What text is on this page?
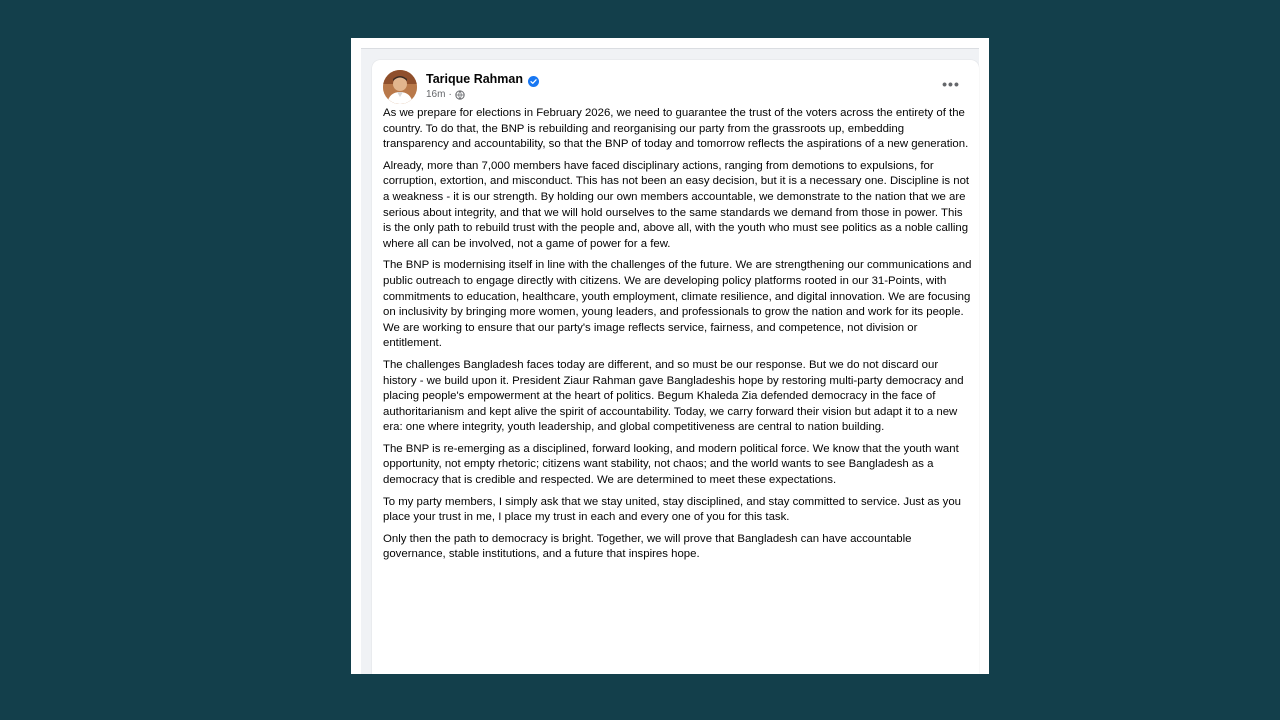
Tarique Rahman
16m ·
•••

As we prepare for elections in February 2026, we need to guarantee the trust of the voters across the entirety of the country. To do that, the BNP is rebuilding and reorganising our party from the grassroots up, embedding transparency and accountability, so that the BNP of today and tomorrow reflects the aspirations of a new generation.

Already, more than 7,000 members have faced disciplinary actions, ranging from demotions to expulsions, for corruption, extortion, and misconduct. This has not been an easy decision, but it is a necessary one. Discipline is not a weakness - it is our strength. By holding our own members accountable, we demonstrate to the nation that we are serious about integrity, and that we will hold ourselves to the same standards we demand from those in power. This is the only path to rebuild trust with the people and, above all, with the youth who must see politics as a noble calling where all can be involved, not a game of power for a few.

The BNP is modernising itself in line with the challenges of the future. We are strengthening our communications and public outreach to engage directly with citizens. We are developing policy platforms rooted in our 31-Points, with commitments to education, healthcare, youth employment, climate resilience, and digital innovation. We are focusing on inclusivity by bringing more women, young leaders, and professionals to grow the nation and work for its people. We are working to ensure that our party's image reflects service, fairness, and competence, not division or entitlement.

The challenges Bangladesh faces today are different, and so must be our response. But we do not discard our history - we build upon it. President Ziaur Rahman gave Bangladeshis hope by restoring multi-party democracy and placing people's empowerment at the heart of politics. Begum Khaleda Zia defended democracy in the face of authoritarianism and kept alive the spirit of accountability. Today, we carry forward their vision but adapt it to a new era: one where integrity, youth leadership, and global competitiveness are central to nation building.

The BNP is re-emerging as a disciplined, forward looking, and modern political force. We know that the youth want opportunity, not empty rhetoric; citizens want stability, not chaos; and the world wants to see Bangladesh as a democracy that is credible and respected. We are determined to meet these expectations.

To my party members, I simply ask that we stay united, stay disciplined, and stay committed to service. Just as you place your trust in me, I place my trust in each and every one of you for this task.

Only then the path to democracy is bright. Together, we will prove that Bangladesh can have accountable governance, stable institutions, and a future that inspires hope.
